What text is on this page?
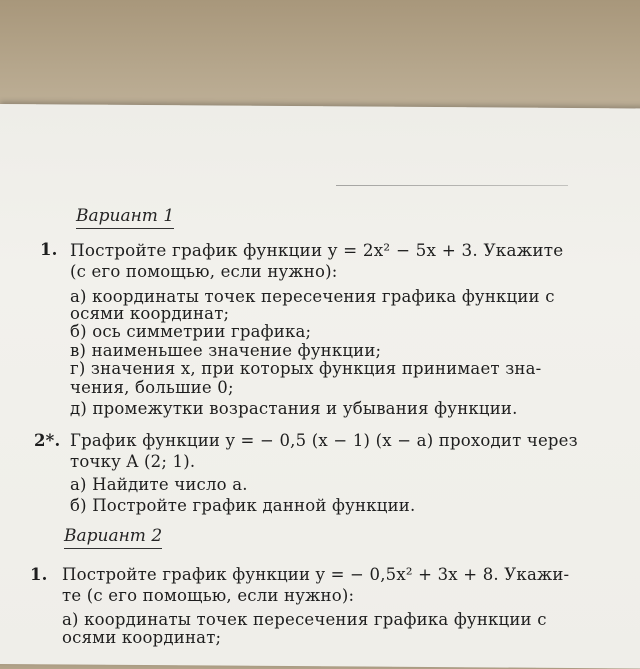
Вариант 1
1. Постройте график функции y = 2x² − 5x + 3. Укажите
(с его помощью, если нужно):
а) координаты точек пересечения графика функции с
осями координат;
б) ось симметрии графика;
в) наименьшее значение функции;
г) значения x, при которых функция принимает зна-
чения, большие 0;
д) промежутки возрастания и убывания функции.
2*. График функции y = − 0,5 (x − 1) (x − a) проходит через
точку A (2; 1).
а) Найдите число a.
б) Постройте график данной функции.
Вариант 2
1. Постройте график функции y = − 0,5x² + 3x + 8. Укажи-
те (с его помощью, если нужно):
а) координаты точек пересечения графика функции с
осями координат;
